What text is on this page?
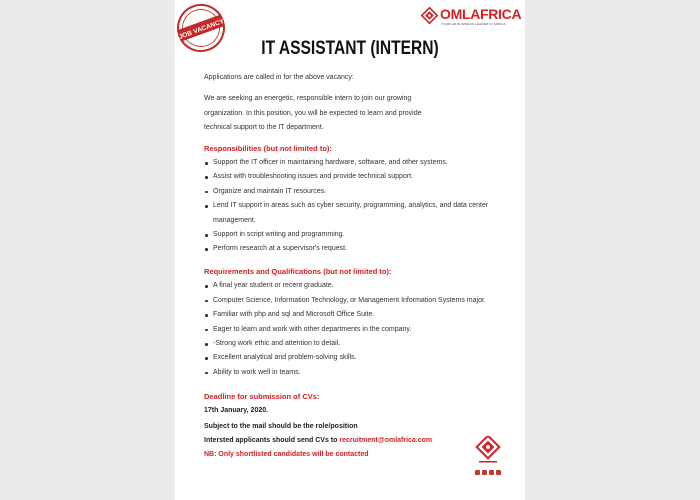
JOB VACANCY
OMLAFRICA
YOUR HR BUSINESS LEADER IN AFRICA
IT ASSISTANT (INTERN)

Applications are called in for the above vacancy:

We are seeking an energetic, responsible intern to join our growing

organization. In this position, you will be expected to learn and provide

technical support to the IT department.

Responsibilities (but not limited to):

Support the IT officer in maintaining hardware, software, and other systems.
Assist with troubleshooting issues and provide technical support.
Organize and maintain IT resources.
Lend IT support in areas such as cyber security, programming, analytics, and data center management.
Support in script writing and programming.
Perform research at a supervisor's request.

Requirements and Qualifications (but not limited to):

A final year student or recent graduate.
Computer Science, Information Technology, or Management Information Systems major.
Familiar with php and sql and Microsoft Office Suite.
Eager to learn and work with other departments in the company.
-Strong work ethic and attention to detail.
Excellent analytical and problem-solving skills.
Ability to work well in teams.

Deadline for submission of CVs:

17th January, 2020.

Subject to the mail should be the role/position

Intersted applicants should send CVs to recruitment@omlafrica.com

NB: Only shortlisted candidates will be contacted
